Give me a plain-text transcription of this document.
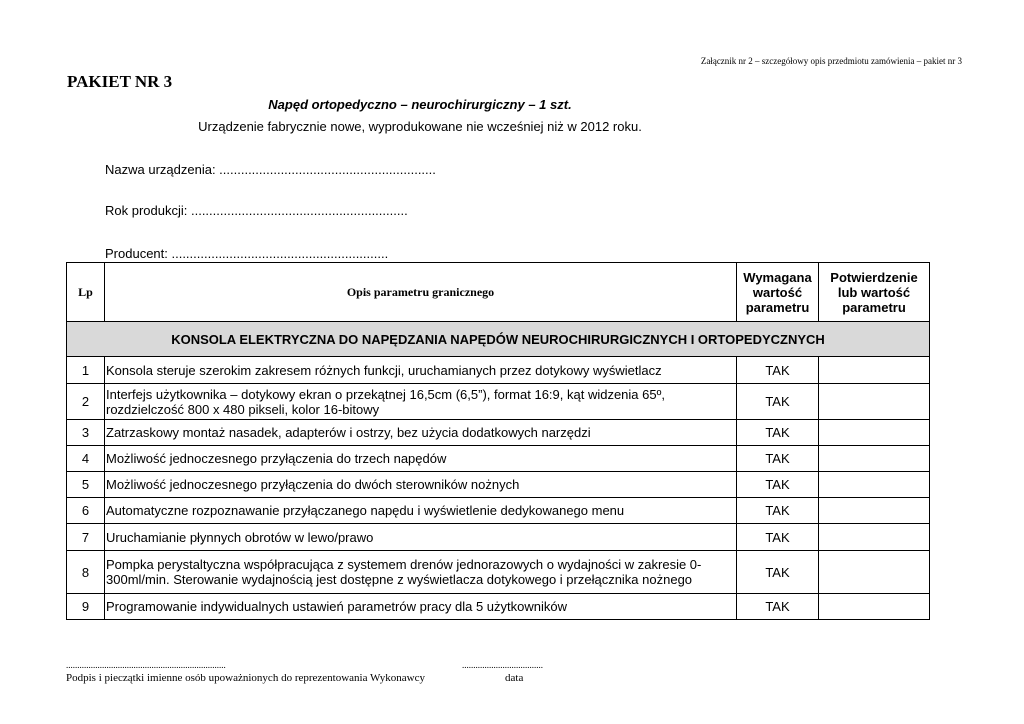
Załącznik nr 2 – szczegółowy opis przedmiotu zamówienia – pakiet nr 3
PAKIET NR 3
Napęd ortopedyczno – neurochirurgiczny – 1 szt.
Urządzenie fabrycznie nowe, wyprodukowane nie wcześniej niż w 2012 roku.
Nazwa urządzenia: ............................................................
Rok produkcji: ............................................................
Producent: ............................................................
Lp	Opis parametru granicznego	Wymagana wartość parametru	Potwierdzenie lub wartość parametru
KONSOLA ELEKTRYCZNA DO NAPĘDZANIA NAPĘDÓW NEUROCHIRURGICZNYCH I ORTOPEDYCZNYCH			
1	Konsola steruje szerokim zakresem różnych funkcji, uruchamianych przez dotykowy wyświetlacz	TAK	
2	Interfejs użytkownika – dotykowy ekran o przekątnej 16,5cm (6,5”), format 16:9, kąt widzenia 65º, rozdzielczość 800 x 480 pikseli, kolor 16-bitowy	TAK	
3	Zatrzaskowy montaż nasadek, adapterów i ostrzy, bez użycia dodatkowych narzędzi	TAK	
4	Możliwość jednoczesnego przyłączenia do trzech napędów	TAK	
5	Możliwość jednoczesnego przyłączenia do dwóch sterowników nożnych	TAK	
6	Automatyczne rozpoznawanie przyłączanego napędu i wyświetlenie dedykowanego menu	TAK	
7	Uruchamianie płynnych obrotów w lewo/prawo	TAK	
8	Pompka perystaltyczna współpracująca z systemem drenów jednorazowych o wydajności w zakresie 0-300ml/min. Sterowanie wydajnością jest dostępne z wyświetlacza dotykowego i przełącznika nożnego	TAK	
9	Programowanie indywidualnych ustawień parametrów pracy dla 5 użytkowników	TAK	
.......................................................................	....................................
Podpis i pieczątki imienne osób upoważnionych do reprezentowania Wykonawcy	data
